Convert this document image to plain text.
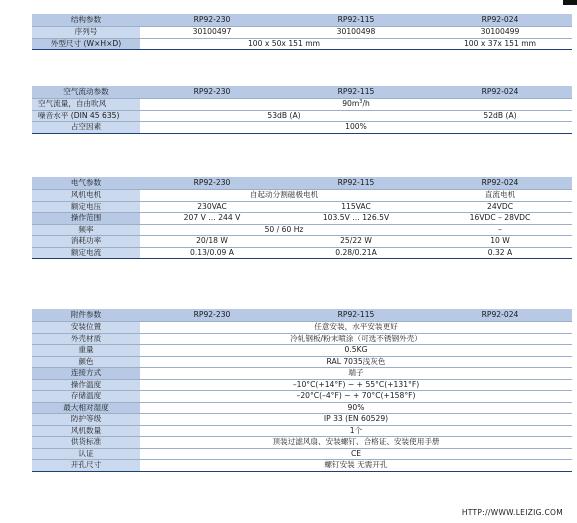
结构参数	RP92-230	RP92-115	RP92-024
序列号	30100497	30100498	30100499
外型尺寸 (W×H×D)	100 x 50x 151 mm		100 x 37x 151 mm
空气流动参数	RP92-230	RP92-115	RP92-024
空气流量，自由吹风	$90m^3/h$		
噪音水平 (DIN 45 635)	53dB (A)		52dB (A)
占空因素	100%		
电气参数	RP92-230	RP92-115	RP92-024
风机电机	自起动分割磁极电机		直流电机
额定电压	230VAC	115VAC	24VDC
操作范围	207 V … 244 V	103.5V … 126.5V	16VDC – 28VDC
频率	50 / 60 Hz		–
消耗功率	20/18 W	25/22 W	10 W
额定电流	0.13/0.09 A	0.28/0.21A	0.32 A
附件参数	RP92-230	RP92-115	RP92-024
安装位置	任意安装，水平安装更好		
外壳材质	冷轧钢板/粉末喷涂（可选不锈钢外壳）		
重量	0.5KG		
颜色	RAL 7035浅灰色		
连接方式	端子		
操作温度	–10°C(+14°F) ~ + 55°C(+131°F)		
存储温度	–20°C(–4°F) ~ + 70°C(+158°F)		
最大相对湿度	90%		
防护等级	IP 33 (EN 60529)		
风机数量	1个		
供货标准	顶装过滤风扇、安装螺钉、合格证、安装使用手册		
认证	CE		
开孔尺寸	螺钉安装 无需开孔		
HTTP://WWW.LEIZIG.COM
